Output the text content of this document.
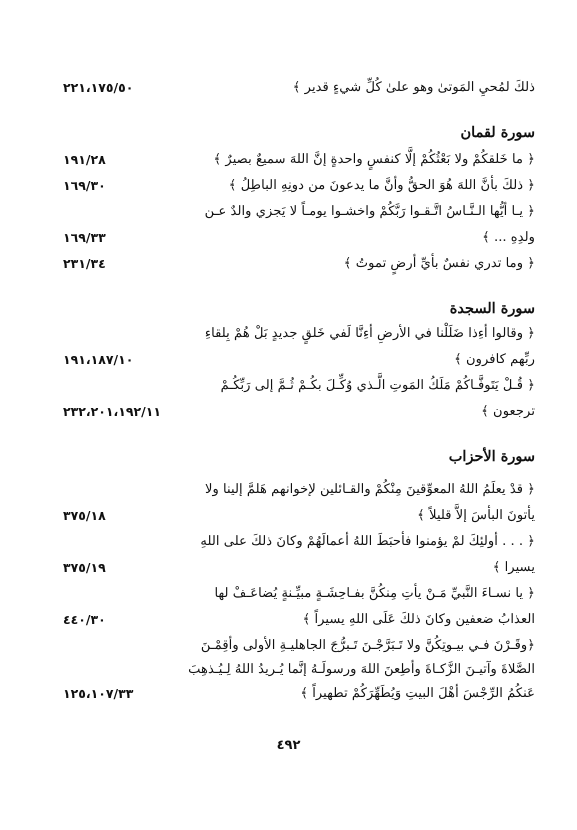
ذلكَ لمُحيِ المَوتىٰ وهو علىٰ كُلِّ شيءٍ قدير ﴾
٢٢١،١٧٥/٥٠
سورة لقمان
﴿ ما خَلقكُمْ ولا بَعْثُكُمْ إلَّا كنفسٍ واحدةٍ إنَّ اللهَ سميعٌ بصيرٌ ﴾
١٩١/٢٨
﴿ ذلكَ بأنَّ اللهَ هُوَ الحقُّ وأنَّ ما يدعونَ من دونِهِ الباطِلُ ﴾
١٦٩/٣٠
﴿ يـا أيُّها الـنَّـاسُ اتَّـقـوا رَبَّكُمْ واخشـوا يومـاً لا يَجزي والدٌ عـن
ولدِهِ ... ﴾
١٦٩/٣٣
﴿ وما تدري نفسٌ بأيِّ أرضٍ تموتُ ﴾
٢٣١/٣٤
سورة السجدة
﴿ وقالوا أءِذا ضَلَلْنا في الأرضِ أءِنَّا لَفي خَلقٍ جديدٍ بَلْ هُمْ بِلقاءِ
ربِّهم كافرون ﴾
١٩١،١٨٧/١٠
﴿ قُـلْ يَتَوفَّـاكُمْ مَلَكُ المَوتِ الَّـذي وُكِّـلَ بكُـمْ ثُـمَّ إلى رَبِّكُـمْ
ترجعون ﴾
٢٣٢،٢٠١،١٩٢/١١
سورة الأحزاب
﴿ قدْ يعلَمُ اللهُ المعوِّقينَ مِنْكُمْ والقـائلين لإخوانهم هَلمَّ إلينا ولا
يأتونَ البأسَ إلاَّ قليلاً ﴾
٣٧٥/١٨
﴿ . . . أولئِكَ لمْ يؤمنوا فأحبَطَ اللهُ أعمالَهُمْ وكانَ ذلكَ على اللهِ
يسيرا ﴾
٣٧٥/١٩
﴿ يا نسـاءَ النَّبيِّ مَـنْ يأتِ مِنكُنَّ بفـاحِشَـةٍ مبيِّـنةٍ يُضاعَـفْ لها
العذابُ ضعفين وكانَ ذلكَ عَلَى اللهِ يسيراً ﴾
٤٤٠/٣٠
﴿وقَـرْنَ فـي بيـوتِكُنَّ ولا تَـبَرَّجْـنَ تَـبرُّجَ الجاهليـةِ الأولى وأقِمْـنَ
الصَّلاةَ وآتيـنَ الزَّكـاةَ وأطِعنَ اللهَ ورسولَـهُ إنَّما يُـريدُ اللهُ لِـيُـذهِبَ
عَنكُمُ الرِّجْسَ أهْلَ البيتِ وَيُطَهِّرَكُمْ تطهيراً ﴾
١٢٥،١٠٧/٣٣
٤٩٢
